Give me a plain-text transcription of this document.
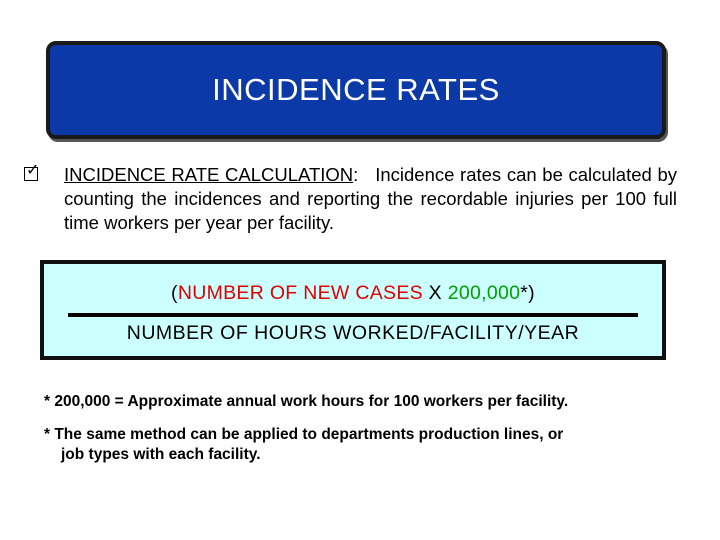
INCIDENCE RATES
✓ INCIDENCE RATE CALCULATION: Incidence rates can be calculated by counting the incidences and reporting the recordable injuries per 100 full time workers per year per facility.

(NUMBER OF NEW CASES X 200,000*)
NUMBER OF HOURS WORKED/FACILITY/YEAR
* 200,000 = Approximate annual work hours for 100 workers per facility.
* The same method can be applied to departments production lines, or
job types with each facility.
